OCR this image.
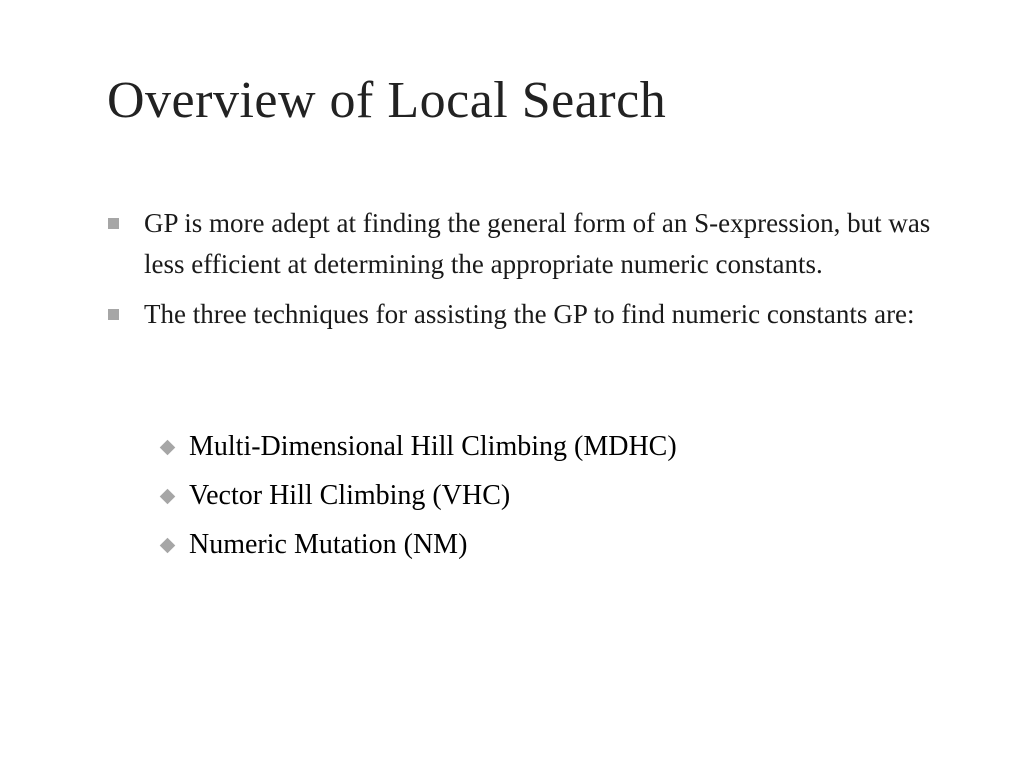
Overview of Local Search
GP is more adept at finding the general form of an S-expression, but was less efficient at determining the appropriate numeric constants.
The three techniques for assisting the GP to find numeric constants are:
Multi-Dimensional Hill Climbing (MDHC)
Vector Hill Climbing (VHC)
Numeric Mutation (NM)
